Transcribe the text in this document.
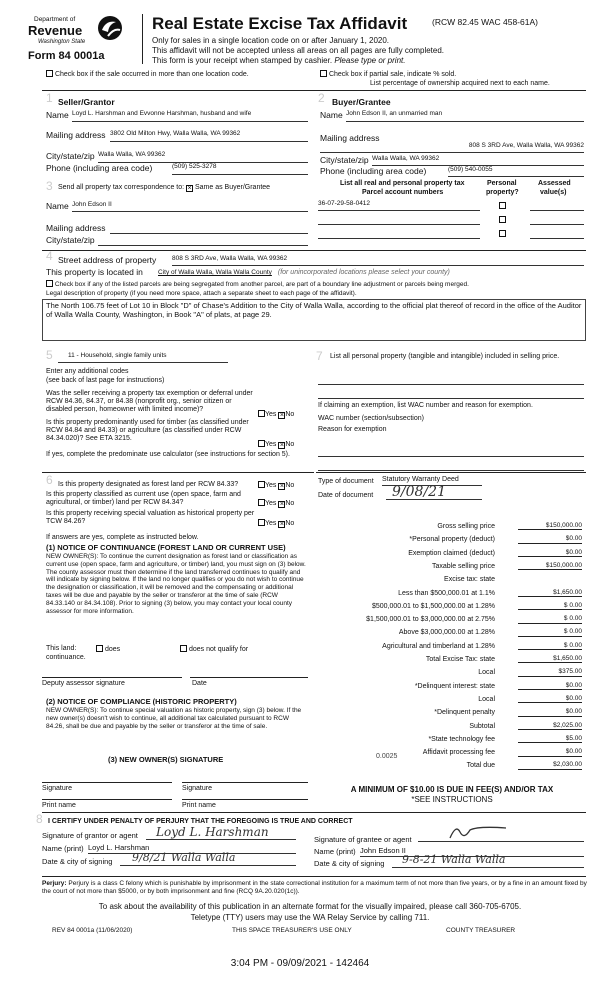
Department of
Revenue
Washington State
Form 84 0001a
Real Estate Excise Tax Affidavit	(RCW 82.45 WAC 458-61A)
Only for sales in a single location code on or after January 1, 2020.
This affidavit will not be accepted unless all areas on all pages are fully completed.
This form is your receipt when stamped by cashier. Please type or print.
Check box if the sale occurred in more than one location code.	Check box if partial sale, indicate % sold.
List percentage of ownership acquired next to each name.
1 Seller/Grantor
Name Loyd L. Harshman and Evvonne Harshman, husband and wife
Mailing address 3802 Old Milton Hwy, Walla Walla, WA 99362
City/state/zip Walla Walla, WA 99362
Phone (including area code)	(509) 525-3278
2 Buyer/Grantee
Name John Edson II, an unmarried man
Mailing address
808 S 3RD Ave, Walla Walla, WA 99362
City/state/zip Walla Walla, WA 99362
Phone (including area code)	(509) 540-0055
3 Send all property tax correspondence to: × Same as Buyer/Grantee
Name John Edson II
Mailing address
City/state/zip
List all real and personal property tax
Parcel account numbers
Personal
property?
Assessed
value(s)
36-07-29-58-0412
4 Street address of property 808 S 3RD Ave, Walla Walla, WA 99362
This property is located in City of Walla Walla, Walla Walla County (for unincorporated locations please select your county)
Check box if any of the listed parcels are being segregated from another parcel, are part of a boundary line adjustment or parcels being merged.
Legal description of property (if you need more space, attach a separate sheet to each page of the affidavit).
The North 106.75 feet of Lot 10 in Block "D" of Chase's Addition to the City of Walla Walla, according to the official plat thereof of record in the office of the Auditor of Walla Walla County, Washington, in Book "A" of plats, at page 29.
5	11 - Household, single family units
Enter any additional codes
(see back of last page for instructions)
Was the seller receiving a property tax exemption or deferral under RCW 84.36, 84.37, or 84.38 (nonprofit org., senior citizen or disabled person, homeowner with limited income)?
Yes × No
Is this property predominantly used for timber (as classified under RCW 84.84 and 84.33) or agriculture (as classified under RCW 84.34.020)? See ETA 3215.
Yes × No
If yes, complete the predominate use calculator (see instructions for section 5).
7 List all personal property (tangible and intangible) included in selling price.
If claiming an exemption, list WAC number and reason for exemption.
WAC number (section/subsection)
Reason for exemption
6 Is this property designated as forest land per RCW 84.33?	Yes × No
Is this property classified as current use (open space, farm and agricultural, or timber) land per RCW 84.34?	Yes × No
Is this property receiving special valuation as historical property per TCW 84.26?	Yes × No
If answers are yes, complete as instructed below.
(1) NOTICE OF CONTINUANCE (FOREST LAND OR CURRENT USE)
NEW OWNER(S): To continue the current designation as forest land or classification as current use (open space, farm and agriculture, or timber) land, you must sign on (3) below. The county assessor must then determine if the land transferred continues to qualify and will indicate by signing below. If the land no longer qualifies or you do not wish to continue the designation or classification, it will be removed and the compensating or additional taxes will be due and payable by the seller or transferor at the time of sale (RCW 84.33.140 or 84.34.108). Prior to signing (3) below, you may contact your local county assessor for more information.
This land:
continuance.
does	does not qualify for
Deputy assessor signature	Date
(2) NOTICE OF COMPLIANCE (HISTORIC PROPERTY)
NEW OWNER(S): To continue special valuation as historic property, sign (3) below. If the new owner(s) doesn't wish to continue, all additional tax calculated pursuant to RCW 84.26, shall be due and payable by the seller or transferor at the time of sale.
(3) NEW OWNER(S) SIGNATURE
Signature	Signature
Print name	Print name
Type of document Statutory Warranty Deed
Date of document	9/08/21
Gross selling price	$150,000.00
*Personal property (deduct)	$0.00
Exemption claimed (deduct)	$0.00
Taxable selling price	$150,000.00
Excise tax: state
Less than $500,000.01 at 1.1%	$1,650.00
$500,000.01 to $1,500,000.00 at 1.28%	$ 0.00
$1,500,000.01 to $3,000,000.00 at 2.75%	$ 0.00
Above $3,000,000.00 at 1.28%	$ 0.00
Agricultural and timberland at 1.28%	$ 0.00
Total Excise Tax: state	$1,650.00
Local	$375.00
*Delinquent interest: state	$0.00
Local	$0.00
*Delinquent penalty	$0.00
Subtotal	$2,025.00
*State technology fee	$5.00
Affidavit processing fee	$0.00
Total due	$2,030.00
0.0025
A MINIMUM OF $10.00 IS DUE IN FEE(S) AND/OR TAX
*SEE INSTRUCTIONS
8 I CERTIFY UNDER PENALTY OF PERJURY THAT THE FOREGOING IS TRUE AND CORRECT
Signature of grantor or agent	Loyd L. Harshman
Name (print) Loyd L. Harshman
Date & city of signing	9/8/21 Walla Walla
Signature of grantee or agent
Name (print) John Edson II
Date & city of signing	9-8-21 Walla Walla
Perjury: Perjury is a class C felony which is punishable by imprisonment in the state correctional institution for a maximum term of not more than five years, or by a fine in an amount fixed by the court of not more than $5000, or by both imprisonment and fine (RCQ 9A.20.020(1c)).
To ask about the availability of this publication in an alternate format for the visually impaired, please call 360-705-6705.
Teletype (TTY) users may use the WA Relay Service by calling 711.
REV 84 0001a (11/06/2020)	THIS SPACE TREASURER'S USE ONLY	COUNTY TREASURER
3:04 PM - 09/09/2021 - 142464
